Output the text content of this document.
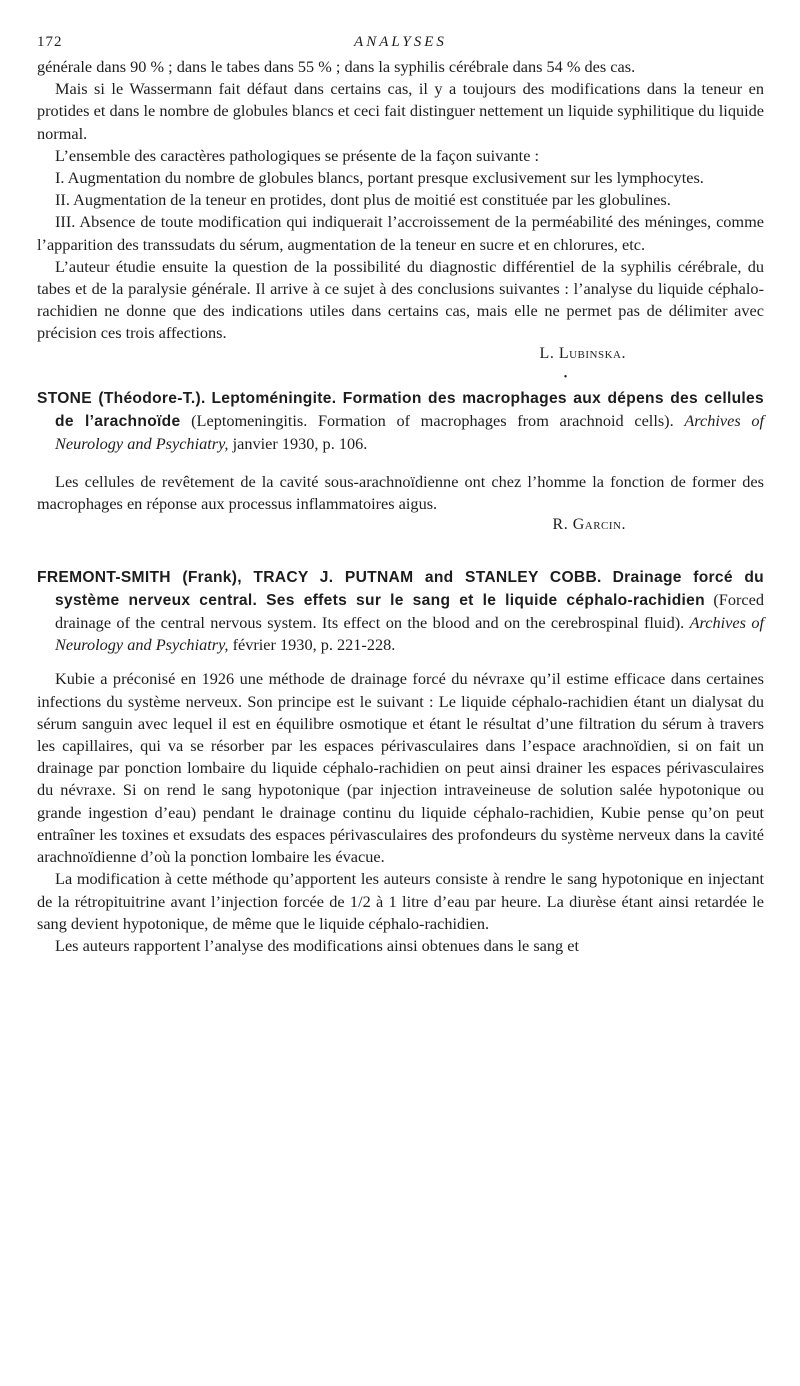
172	ANALYSES

générale dans 90 % ; dans le tabes dans 55 % ; dans la syphilis cérébrale dans 54 % des cas.

Mais si le Wassermann fait défaut dans certains cas, il y a toujours des modifications dans la teneur en protides et dans le nombre de globules blancs et ceci fait distinguer nettement un liquide syphilitique du liquide normal.

L’ensemble des caractères pathologiques se présente de la façon suivante :

I. Augmentation du nombre de globules blancs, portant presque exclusivement sur les lymphocytes.

II. Augmentation de la teneur en protides, dont plus de moitié est constituée par les globulines.

III. Absence de toute modification qui indiquerait l’accroissement de la perméabilité des méninges, comme l’apparition des transsudats du sérum, augmentation de la teneur en sucre et en chlorures, etc.

L’auteur étudie ensuite la question de la possibilité du diagnostic différentiel de la syphilis cérébrale, du tabes et de la paralysie générale. Il arrive à ce sujet à des conclusions suivantes : l’analyse du liquide céphalo-rachidien ne donne que des indications utiles dans certains cas, mais elle ne permet pas de délimiter avec précision ces trois affections.

L. Lubinska.
•
STONE (Théodore-T.). Leptoméningite. Formation des macrophages aux dépens des cellules de l’arachnoïde (Leptomeningitis. Formation of macrophages from arachnoid cells). Archives of Neurology and Psychiatry, janvier 1930, p. 106.

Les cellules de revêtement de la cavité sous-arachnoïdienne ont chez l’homme la fonction de former des macrophages en réponse aux processus inflammatoires aigus.

R. Garcin.
FREMONT-SMITH (Frank), TRACY J. PUTNAM and STANLEY COBB. Drainage forcé du système nerveux central. Ses effets sur le sang et le liquide céphalo-rachidien (Forced drainage of the central nervous system. Its effect on the blood and on the cerebrospinal fluid). Archives of Neurology and Psychiatry, février 1930, p. 221-228.

Kubie a préconisé en 1926 une méthode de drainage forcé du névraxe qu’il estime efficace dans certaines infections du système nerveux. Son principe est le suivant : Le liquide céphalo-rachidien étant un dialysat du sérum sanguin avec lequel il est en équilibre osmotique et étant le résultat d’une filtration du sérum à travers les capillaires, qui va se résorber par les espaces périvasculaires dans l’espace arachnoïdien, si on fait un drainage par ponction lombaire du liquide céphalo-rachidien on peut ainsi drainer les espaces périvasculaires du névraxe. Si on rend le sang hypotonique (par injection intraveineuse de solution salée hypotonique ou grande ingestion d’eau) pendant le drainage continu du liquide céphalo-rachidien, Kubie pense qu’on peut entraîner les toxines et exsudats des espaces périvasculaires des profondeurs du système nerveux dans la cavité arachnoïdienne d’où la ponction lombaire les évacue.

La modification à cette méthode qu’apportent les auteurs consiste à rendre le sang hypotonique en injectant de la rétropituitrine avant l’injection forcée de 1/2 à 1 litre d’eau par heure. La diurèse étant ainsi retardée le sang devient hypotonique, de même que le liquide céphalo-rachidien.

Les auteurs rapportent l’analyse des modifications ainsi obtenues dans le sang et
